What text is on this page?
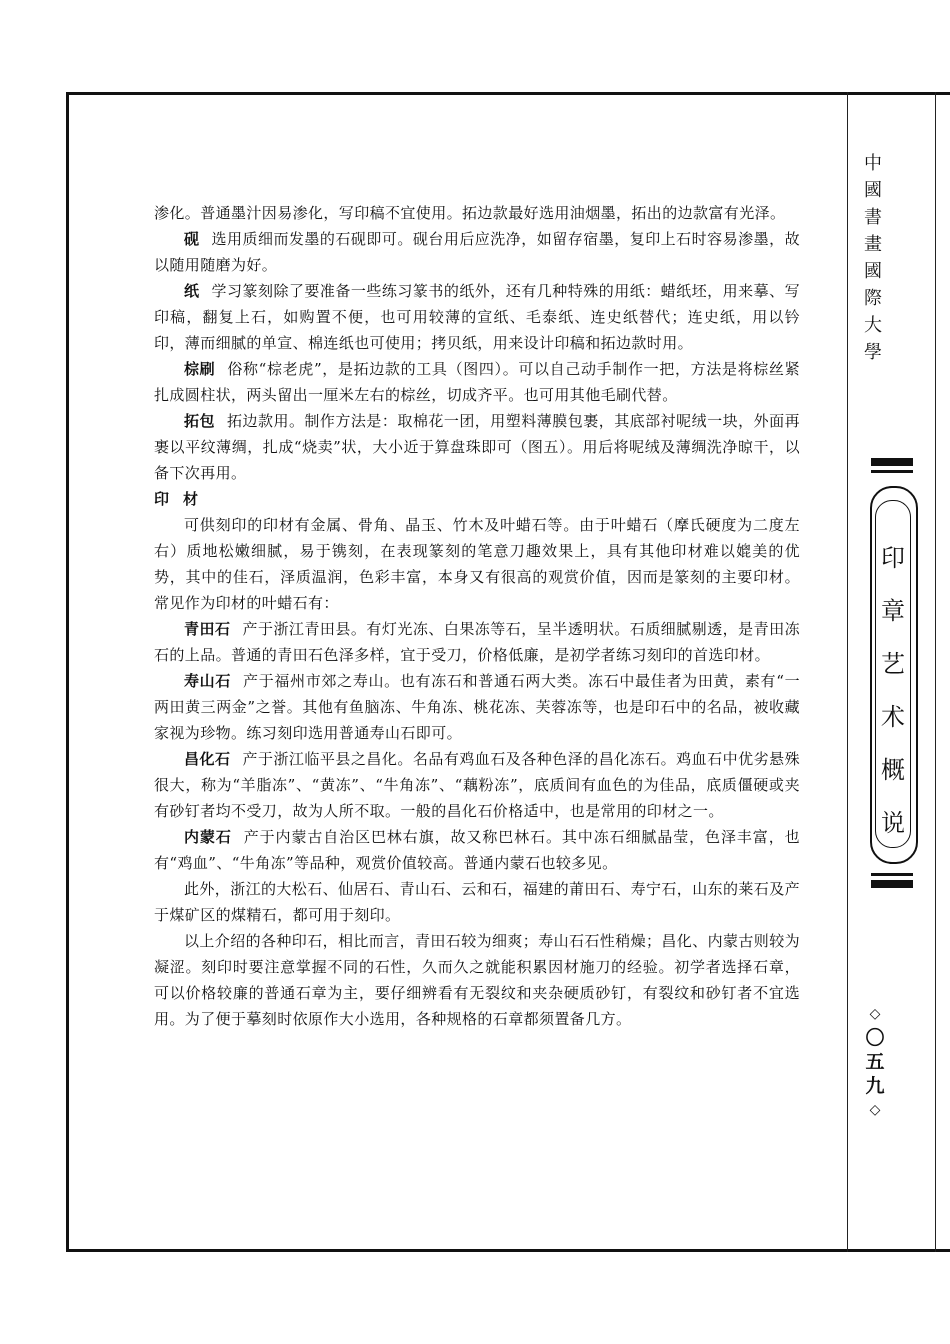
渗化。普通墨汁因易渗化，写印稿不宜使用。拓边款最好选用油烟墨，拓出的边款富有光泽。

砚 选用质细而发墨的石砚即可。砚台用后应洗净，如留存宿墨，复印上石时容易渗墨，故以随用随磨为好。

纸 学习篆刻除了要准备一些练习篆书的纸外，还有几种特殊的用纸：蜡纸坯，用来摹、写印稿，翻复上石，如购置不便，也可用较薄的宣纸、毛泰纸、连史纸替代；连史纸，用以钤印，薄而细腻的单宣、棉连纸也可使用；拷贝纸，用来设计印稿和拓边款时用。

棕刷 俗称“棕老虎”，是拓边款的工具（图四）。可以自己动手制作一把，方法是将棕丝紧扎成圆柱状，两头留出一厘米左右的棕丝，切成齐平。也可用其他毛刷代替。

拓包 拓边款用。制作方法是：取棉花一团，用塑料薄膜包裹，其底部衬呢绒一块，外面再裹以平纹薄绸，扎成“烧卖”状，大小近于算盘珠即可（图五）。用后将呢绒及薄绸洗净晾干，以备下次再用。

印材

可供刻印的印材有金属、骨角、晶玉、竹木及叶蜡石等。由于叶蜡石（摩氏硬度为二度左右）质地松嫩细腻，易于镌刻，在表现篆刻的笔意刀趣效果上，具有其他印材难以媲美的优势，其中的佳石，泽质温润，色彩丰富，本身又有很高的观赏价值，因而是篆刻的主要印材。常见作为印材的叶蜡石有：

青田石 产于浙江青田县。有灯光冻、白果冻等石，呈半透明状。石质细腻剔透，是青田冻石的上品。普通的青田石色泽多样，宜于受刀，价格低廉，是初学者练习刻印的首选印材。

寿山石 产于福州市郊之寿山。也有冻石和普通石两大类。冻石中最佳者为田黄，素有“一两田黄三两金”之誉。其他有鱼脑冻、牛角冻、桃花冻、芙蓉冻等，也是印石中的名品，被收藏家视为珍物。练习刻印选用普通寿山石即可。

昌化石 产于浙江临平县之昌化。名品有鸡血石及各种色泽的昌化冻石。鸡血石中优劣悬殊很大，称为“羊脂冻”、“黄冻”、“牛角冻”、“藕粉冻”，底质间有血色的为佳品，底质僵硬或夹有砂钉者均不受刀，故为人所不取。一般的昌化石价格适中，也是常用的印材之一。

内蒙石 产于内蒙古自治区巴林右旗，故又称巴林石。其中冻石细腻晶莹，色泽丰富，也有“鸡血”、“牛角冻”等品种，观赏价值较高。普通内蒙石也较多见。

此外，浙江的大松石、仙居石、青山石、云和石，福建的莆田石、寿宁石，山东的莱石及产于煤矿区的煤精石，都可用于刻印。

以上介绍的各种印石，相比而言，青田石较为细爽；寿山石石性稍燥；昌化、内蒙古则较为凝涩。刻印时要注意掌握不同的石性，久而久之就能积累因材施刀的经验。初学者选择石章，可以价格较廉的普通石章为主，要仔细辨看有无裂纹和夹杂硬质砂钉，有裂纹和砂钉者不宜选用。为了便于摹刻时依原作大小选用，各种规格的石章都须置备几方。

中
國
書
畫
國
際
大
學
印
章
艺
术
概
说
◇
〇
五
九
◇
